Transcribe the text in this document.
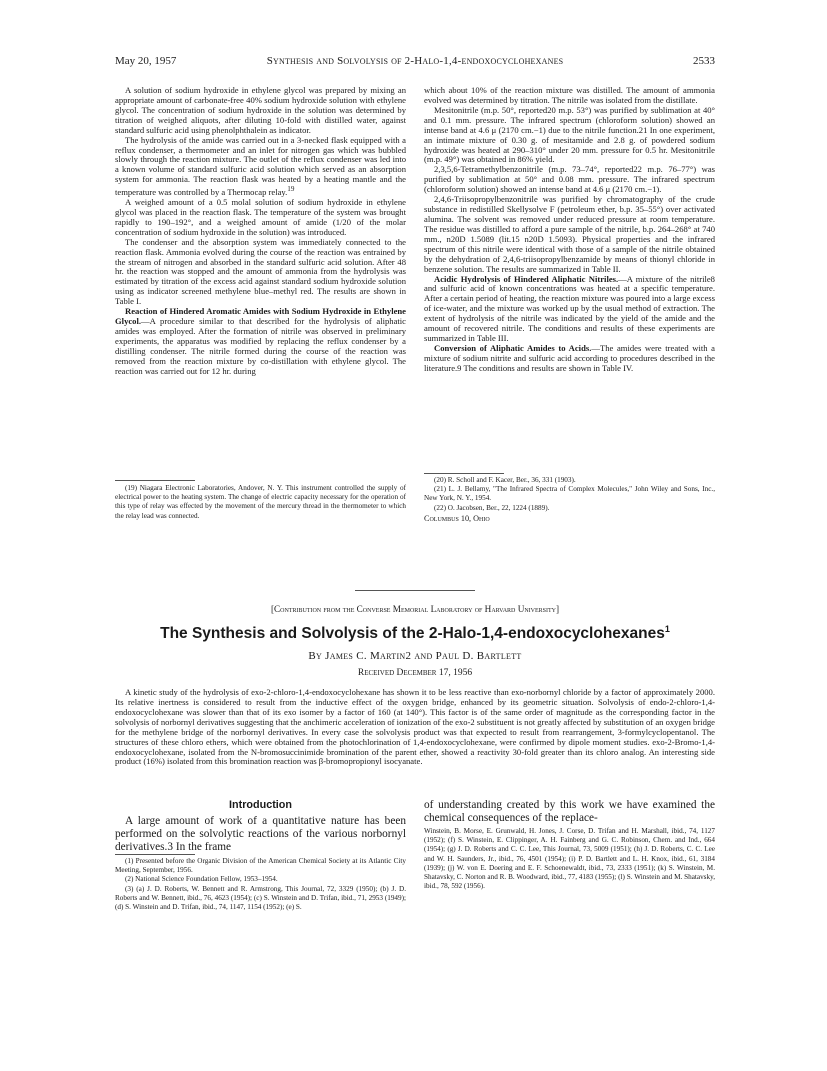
May 20, 1957	Synthesis and Solvolysis of 2-Halo-1,4-endoxocyclohexanes	2533

A solution of sodium hydroxide in ethylene glycol was prepared by mixing an appropriate amount of carbonate-free 40% sodium hydroxide solution with ethylene glycol. The concentration of sodium hydroxide in the solution was determined by titration of weighed aliquots, after diluting 10-fold with distilled water, against standard sulfuric acid using phenolphthalein as indicator.

The hydrolysis of the amide was carried out in a 3-necked flask equipped with a reflux condenser, a thermometer and an inlet for nitrogen gas which was bubbled slowly through the reaction mixture. The outlet of the reflux condenser was led into a known volume of standard sulfuric acid solution which served as an absorption system for ammonia. The reaction flask was heated by a heating mantle and the temperature was controlled by a Thermocap relay.$^{19}$

A weighed amount of a 0.5 molal solution of sodium hydroxide in ethylene glycol was placed in the reaction flask. The temperature of the system was brought rapidly to 190–192°, and a weighed amount of amide (1/20 of the molar concentration of sodium hydroxide in the solution) was introduced.

The condenser and the absorption system was immediately connected to the reaction flask. Ammonia evolved during the course of the reaction was entrained by the stream of nitrogen and absorbed in the standard sulfuric acid solution. After 48 hr. the reaction was stopped and the amount of ammonia from the hydrolysis was estimated by titration of the excess acid against standard sodium hydroxide solution using as indicator screened methylene blue–methyl red. The results are shown in Table I.

Reaction of Hindered Aromatic Amides with Sodium Hydroxide in Ethylene Glycol.—A procedure similar to that described for the hydrolysis of aliphatic amides was employed. After the formation of nitrile was observed in preliminary experiments, the apparatus was modified by replacing the reflux condenser by a distilling condenser. The nitrile formed during the course of the reaction was removed from the reaction mixture by co-distillation with ethylene glycol. The reaction was carried out for 12 hr. during

which about 10% of the reaction mixture was distilled. The amount of ammonia evolved was determined by titration. The nitrile was isolated from the distillate.

Mesitonitrile (m.p. 50°, reported20 m.p. 53°) was purified by sublimation at 40° and 0.1 mm. pressure. The infrared spectrum (chloroform solution) showed an intense band at 4.6 μ (2170 cm.−1) due to the nitrile function.21 In one experiment, an intimate mixture of 0.30 g. of mesitamide and 2.8 g. of powdered sodium hydroxide was heated at 290–310° under 20 mm. pressure for 0.5 hr. Mesitonitrile (m.p. 49°) was obtained in 86% yield.

2,3,5,6-Tetramethylbenzonitrile (m.p. 73–74°, reported22 m.p. 76–77°) was purified by sublimation at 50° and 0.08 mm. pressure. The infrared spectrum (chloroform solution) showed an intense band at 4.6 μ (2170 cm.−1).

2,4,6-Triisopropylbenzonitrile was purified by chromatography of the crude substance in redistilled Skellysolve F (petroleum ether, b.p. 35–55°) over activated alumina. The solvent was removed under reduced pressure at room temperature. The residue was distilled to afford a pure sample of the nitrile, b.p. 264–268° at 740 mm., n20D 1.5089 (lit.15 n20D 1.5093). Physical properties and the infrared spectrum of this nitrile were identical with those of a sample of the nitrile obtained by the dehydration of 2,4,6-triisopropylbenzamide by means of thionyl chloride in benzene solution. The results are summarized in Table II.

Acidic Hydrolysis of Hindered Aliphatic Nitriles.—A mixture of the nitrile8 and sulfuric acid of known concentrations was heated at a specific temperature. After a certain period of heating, the reaction mixture was poured into a large excess of ice-water, and the mixture was worked up by the usual method of extraction. The extent of hydrolysis of the nitrile was indicated by the yield of the amide and the amount of recovered nitrile. The conditions and results of these experiments are summarized in Table III.

Conversion of Aliphatic Amides to Acids.—The amides were treated with a mixture of sodium nitrite and sulfuric acid according to procedures described in the literature.9 The conditions and results are shown in Table IV.

(19) Niagara Electronic Laboratories, Andover, N. Y. This instrument controlled the supply of electrical power to the heating system. The change of electric capacity necessary for the operation of this type of relay was effected by the movement of the mercury thread in the thermometer to which the relay lead was connected.

(20) R. Scholl and F. Kacer, Ber., 36, 331 (1903).

(21) L. J. Bellamy, "The Infrared Spectra of Complex Molecules," John Wiley and Sons, Inc., New York, N. Y., 1954.

(22) O. Jacobsen, Ber., 22, 1224 (1889).

Columbus 10, Ohio

[Contribution from the Converse Memorial Laboratory of Harvard University]
The Synthesis and Solvolysis of the 2-Halo-1,4-endoxocyclohexanes$^1$
By James C. Martin2 and Paul D. Bartlett
Received December 17, 1956

A kinetic study of the hydrolysis of exo-2-chloro-1,4-endoxocyclohexane has shown it to be less reactive than exo-norbornyl chloride by a factor of approximately 2000. Its relative inertness is considered to result from the inductive effect of the oxygen bridge, enhanced by its geometric situation. Solvolysis of endo-2-chloro-1,4-endoxocyclohexane was slower than that of its exo isomer by a factor of 160 (at 140°). This factor is of the same order of magnitude as the corresponding factor in the solvolysis of norbornyl derivatives suggesting that the anchimeric acceleration of ionization of the exo-2 substituent is not greatly affected by substitution of an oxygen bridge for the methylene bridge of the norbornyl derivatives. In every case the solvolysis product was that expected to result from rearrangement, 3-formylcyclopentanol. The structures of these chloro ethers, which were obtained from the photochlorination of 1,4-endoxocyclohexane, were confirmed by dipole moment studies. exo-2-Bromo-1,4-endoxocyclohexane, isolated from the N-bromosuccinimide bromination of the parent ether, showed a reactivity 30-fold greater than its chloro analog. An interesting side product (16%) isolated from this bromination reaction was β-bromopropionyl isocyanate.

Introduction

A large amount of work of a quantitative nature has been performed on the solvolytic reactions of the various norbornyl derivatives.3 In the frame

of understanding created by this work we have examined the chemical consequences of the replace-

(1) Presented before the Organic Division of the American Chemical Society at its Atlantic City Meeting, September, 1956.

(2) National Science Foundation Fellow, 1953–1954.

(3) (a) J. D. Roberts, W. Bennett and R. Armstrong, This Journal, 72, 3329 (1950); (b) J. D. Roberts and W. Bennett, ibid., 76, 4623 (1954); (c) S. Winstein and D. Trifan, ibid., 71, 2953 (1949); (d) S. Winstein and D. Trifan, ibid., 74, 1147, 1154 (1952); (e) S.

Winstein, B. Morse, E. Grunwald, H. Jones, J. Corse, D. Trifan and H. Marshall, ibid., 74, 1127 (1952); (f) S. Winstein, E. Clippinger, A. H. Fainberg and G. C. Robinson, Chem. and Ind., 664 (1954); (g) J. D. Roberts and C. C. Lee, This Journal, 73, 5009 (1951); (h) J. D. Roberts, C. C. Lee and W. H. Saunders, Jr., ibid., 76, 4501 (1954); (i) P. D. Bartlett and L. H. Knox, ibid., 61, 3184 (1939); (j) W. von E. Doering and E. F. Schoenewaldt, ibid., 73, 2333 (1951); (k) S. Winstein, M. Shatavsky, C. Norton and R. B. Woodward, ibid., 77, 4183 (1955); (l) S. Winstein and M. Shatavsky, ibid., 78, 592 (1956).
